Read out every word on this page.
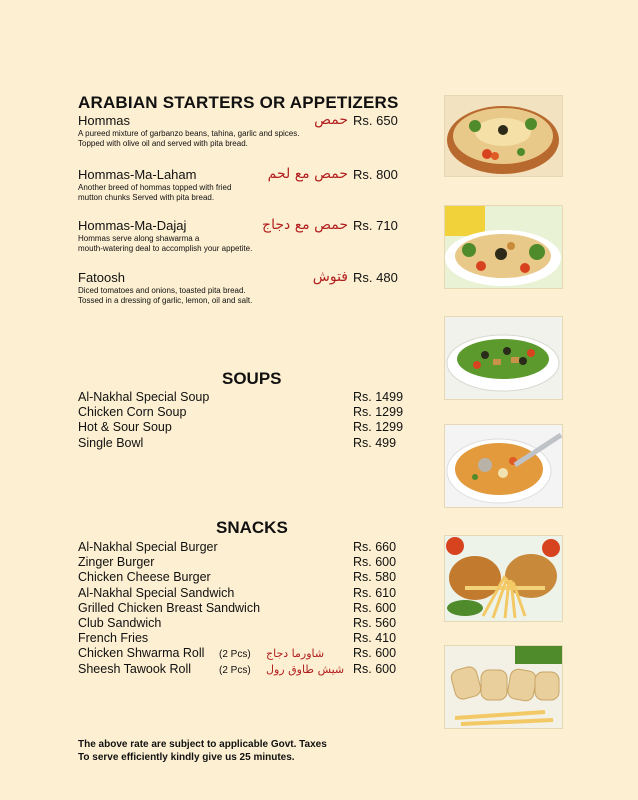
ARABIAN STARTERS OR APPETIZERS
Hommas	حمص Rs. 650
A pureed mixture of garbanzo beans, tahina, garlic and spices.
Topped with olive oil and served with pita bread.
Hommas-Ma-Laham	حمص مع لحم Rs. 800
Another breed of hommas topped with fried
mutton chunks Served with pita bread.
Hommas-Ma-Dajaj	حمص مع دجاج Rs. 710
Hommas serve along shawarma a
mouth-watering deal to accomplish your appetite.
Fatoosh	فتوش Rs. 480
Diced tomatoes and onions, toasted pita bread.
Tossed in a dressing of garlic, lemon, oil and salt.
SOUPS
Al-Nakhal Special Soup	Rs. 1499
Chicken Corn Soup	Rs. 1299
Hot & Sour Soup	Rs. 1299
Single Bowl	Rs. 499
SNACKS
Al-Nakhal Special Burger	Rs. 660
Zinger Burger	Rs. 600
Chicken Cheese Burger	Rs. 580
Al-Nakhal Special Sandwich	Rs. 610
Grilled Chicken Breast Sandwich	Rs. 600
Club Sandwich	Rs. 560
French Fries	Rs. 410
Chicken Shwarma Roll (2 Pcs) شاورما دجاج Rs. 600
Sheesh Tawook Roll	(2 Pcs) شيش طاوق رول Rs. 600
The above rate are subject to applicable Govt. Taxes
To serve efficiently kindly give us 25 minutes.
